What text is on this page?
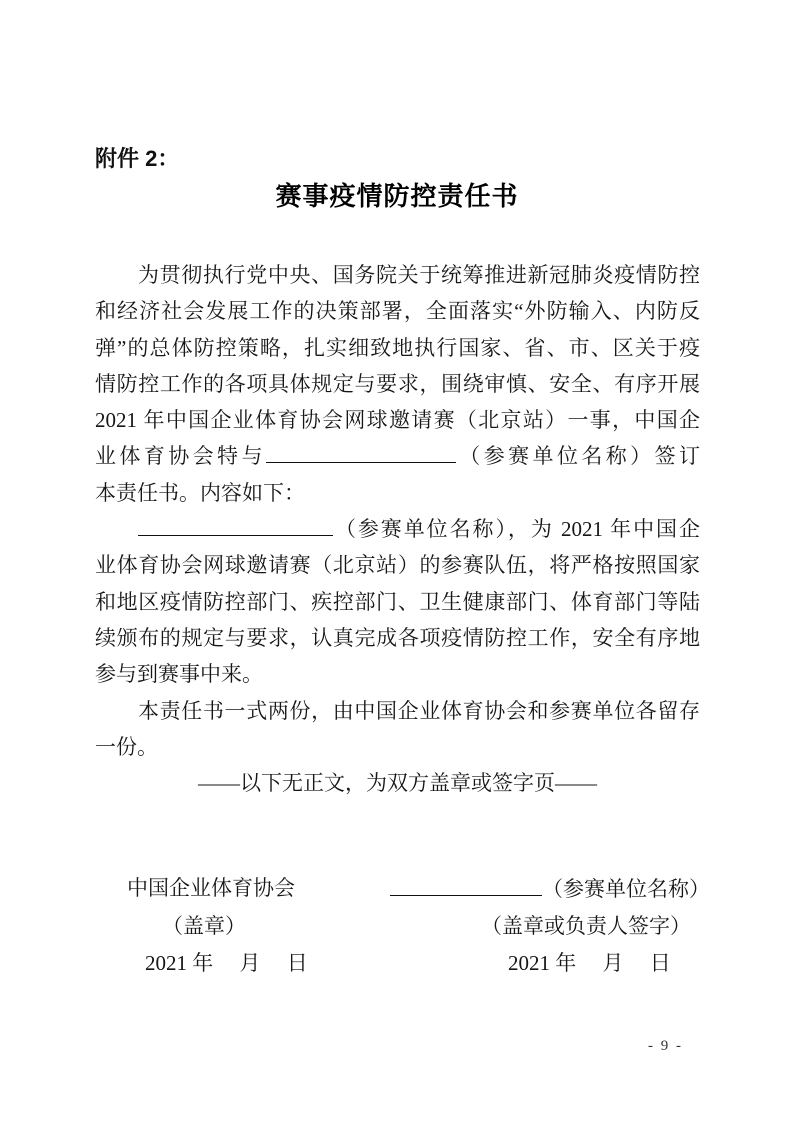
附件 2：
赛事疫情防控责任书
为贯彻执行党中央、国务院关于统筹推进新冠肺炎疫情防控
和经济社会发展工作的决策部署，全面落实“外防输入、内防反
弹”的总体防控策略，扎实细致地执行国家、省、市、区关于疫
情防控工作的各项具体规定与要求，围绕审慎、安全、有序开展
2021 年中国企业体育协会网球邀请赛（北京站）一事，中国企
业体育协会特与	（参赛单位名称）签订
本责任书。内容如下：
（参赛单位名称），为 2021 年中国企
业体育协会网球邀请赛（北京站）的参赛队伍，将严格按照国家
和地区疫情防控部门、疾控部门、卫生健康部门、体育部门等陆
续颁布的规定与要求，认真完成各项疫情防控工作，安全有序地
参与到赛事中来。
本责任书一式两份，由中国企业体育协会和参赛单位各留存
一份。
——以下无正文，为双方盖章或签字页——
中国企业体育协会	（参赛单位名称）
（盖章）	（盖章或负责人签字）
2021 年　 月　 日	2021 年　 月　 日
- 9 -
